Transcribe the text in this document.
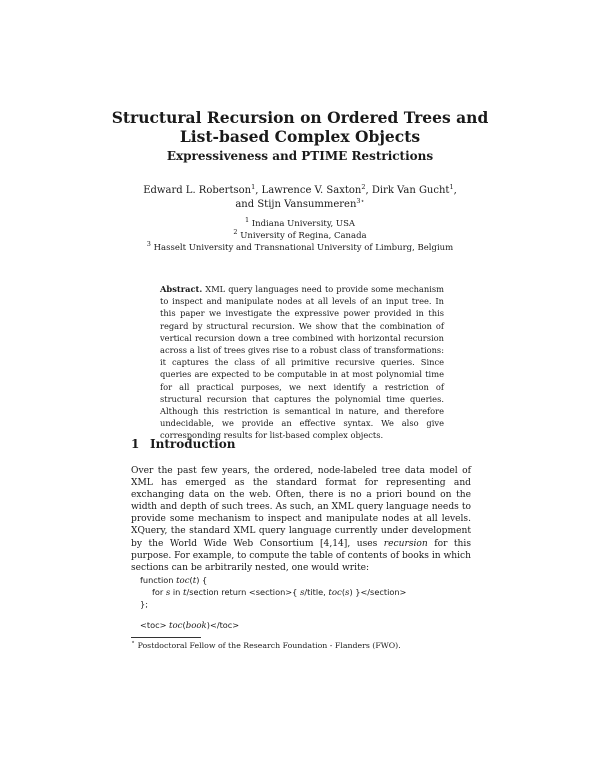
Structural Recursion on Ordered Trees and
List-based Complex Objects
Expressiveness and PTIME Restrictions
Edward L. Robertson$^1$, Lawrence V. Saxton$^2$, Dirk Van Gucht$^1$, and Stijn Vansummeren$^{3⋆}$
$^1$ Indiana University, USA
$^2$ University of Regina, Canada
$^3$ Hasselt University and Transnational University of Limburg, Belgium
Abstract. XML query languages need to provide some mechanism to inspect and manipulate nodes at all levels of an input tree. In this paper we investigate the expressive power provided in this regard by structural recursion. We show that the combination of vertical recursion down a tree combined with horizontal recursion across a list of trees gives rise to a robust class of transformations: it captures the class of all primitive recursive queries. Since queries are expected to be computable in at most polynomial time for all practical purposes, we next identify a restriction of structural recursion that captures the polynomial time queries. Although this restriction is semantical in nature, and therefore undecidable, we provide an effective syntax. We also give corresponding results for list-based complex objects.
1 Introduction
Over the past few years, the ordered, node-labeled tree data model of XML has emerged as the standard format for representing and exchanging data on the web. Often, there is no a priori bound on the width and depth of such trees. As such, an XML query language needs to provide some mechanism to inspect and manipulate nodes at all levels. XQuery, the standard XML query language currently under development by the World Wide Web Consortium [4,14], uses recursion for this purpose. For example, to compute the table of contents of books in which sections can be arbitrarily nested, one would write:
function toc(t) {
for s in t/section return <section>{ s/title, toc(s) }</section>
};
<toc> toc(book)</toc>
⋆ Postdoctoral Fellow of the Research Foundation - Flanders (FWO).
